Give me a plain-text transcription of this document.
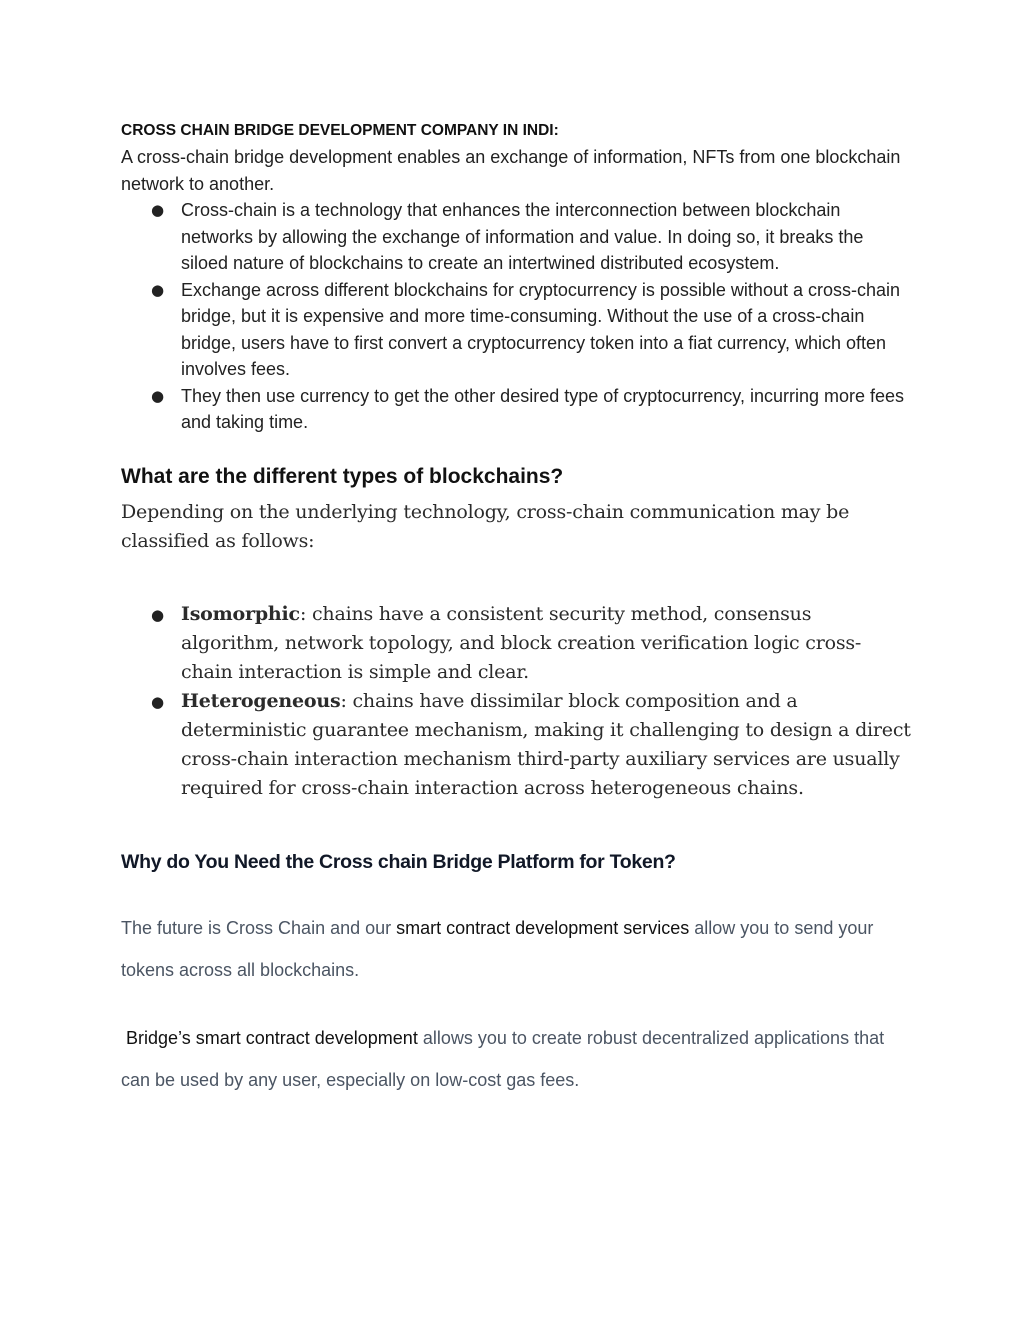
CROSS CHAIN BRIDGE DEVELOPMENT COMPANY IN INDI:

A cross-chain bridge development enables an exchange of information, NFTs from one blockchain network to another.

● Cross-chain is a technology that enhances the interconnection between blockchain networks by allowing the exchange of information and value. In doing so, it breaks the siloed nature of blockchains to create an intertwined distributed ecosystem.
● Exchange across different blockchains for cryptocurrency is possible without a cross-chain bridge, but it is expensive and more time-consuming. Without the use of a cross-chain bridge, users have to first convert a cryptocurrency token into a fiat currency, which often involves fees.
● They then use currency to get the other desired type of cryptocurrency, incurring more fees and taking time.
What are the different types of blockchains?

Depending on the underlying technology, cross-chain communication may be classified as follows:

● Isomorphic: chains have a consistent security method, consensus algorithm, network topology, and block creation verification logic cross-chain interaction is simple and clear.
● Heterogeneous: chains have dissimilar block composition and a deterministic guarantee mechanism, making it challenging to design a direct cross-chain interaction mechanism third-party auxiliary services are usually required for cross-chain interaction across heterogeneous chains.
Why do You Need the Cross chain Bridge Platform for Token?

The future is Cross Chain and our smart contract development services allow you to send your tokens across all blockchains.

Bridge’s smart contract development allows you to create robust decentralized applications that can be used by any user, especially on low-cost gas fees.
